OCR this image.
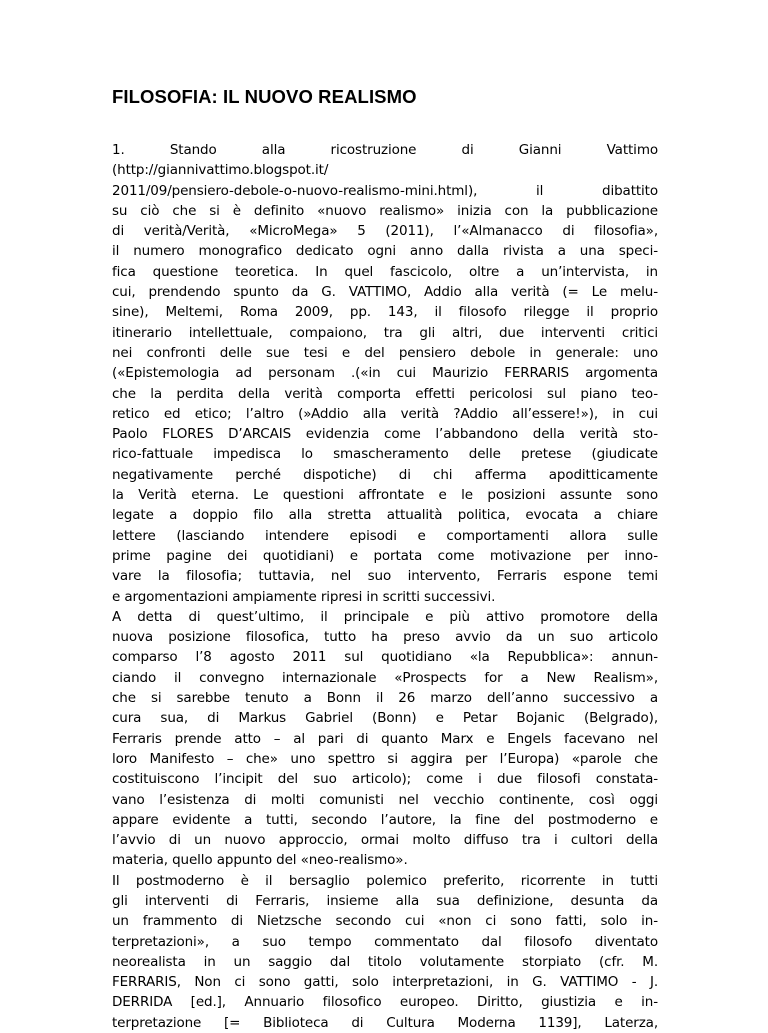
FILOSOFIA: IL NUOVO REALISMO
1. Stando alla ricostruzione di Gianni Vattimo
(http://giannivattimo.blogspot.it/
2011/09/pensiero-debole-o-nuovo-realismo-mini.html), il dibattito
su ciò che si è definito «nuovo realismo» inizia con la pubblicazione
di verità/Verità, «MicroMega» 5 (2011), l’«Almanacco di filosofia»,
il numero monografico dedicato ogni anno dalla rivista a una speci-
fica questione teoretica. In quel fascicolo, oltre a un’intervista, in
cui, prendendo spunto da G. VATTIMO, Addio alla verità (= Le melu-
sine), Meltemi, Roma 2009, pp. 143, il filosofo rilegge il proprio
itinerario intellettuale, compaiono, tra gli altri, due interventi critici
nei confronti delle sue tesi e del pensiero debole in generale: uno
(«Epistemologia ad personam .(«in cui Maurizio FERRARIS argomenta
che la perdita della verità comporta effetti pericolosi sul piano teo-
retico ed etico; l’altro (»Addio alla verità ?Addio all’essere!»), in cui
Paolo FLORES D’ARCAIS evidenzia come l’abbandono della verità sto-
rico-fattuale impedisca lo smascheramento delle pretese (giudicate
negativamente perché dispotiche) di chi afferma apoditticamente
la Verità eterna. Le questioni affrontate e le posizioni assunte sono
legate a doppio filo alla stretta attualità politica, evocata a chiare
lettere (lasciando intendere episodi e comportamenti allora sulle
prime pagine dei quotidiani) e portata come motivazione per inno-
vare la filosofia; tuttavia, nel suo intervento, Ferraris espone temi
e argomentazioni ampiamente ripresi in scritti successivi.
A detta di quest’ultimo, il principale e più attivo promotore della
nuova posizione filosofica, tutto ha preso avvio da un suo articolo
comparso l’8 agosto 2011 sul quotidiano «la Repubblica»: annun-
ciando il convegno internazionale «Prospects for a New Realism»,
che si sarebbe tenuto a Bonn il 26 marzo dell’anno successivo a
cura sua, di Markus Gabriel (Bonn) e Petar Bojanic (Belgrado),
Ferraris prende atto – al pari di quanto Marx e Engels facevano nel
loro Manifesto – che» uno spettro si aggira per l’Europa) «parole che
costituiscono l’incipit del suo articolo); come i due filosofi constata-
vano l’esistenza di molti comunisti nel vecchio continente, così oggi
appare evidente a tutti, secondo l’autore, la fine del postmoderno e
l’avvio di un nuovo approccio, ormai molto diffuso tra i cultori della
materia, quello appunto del «neo-realismo».
Il postmoderno è il bersaglio polemico preferito, ricorrente in tutti
gli interventi di Ferraris, insieme alla sua definizione, desunta da
un frammento di Nietzsche secondo cui «non ci sono fatti, solo in-
terpretazioni», a suo tempo commentato dal filosofo diventato
neorealista in un saggio dal titolo volutamente storpiato (cfr. M.
FERRARIS, Non ci sono gatti, solo interpretazioni, in G. VATTIMO - J.
DERRIDA [ed.], Annuario filosofico europeo. Diritto, giustizia e in-
terpretazione [= Biblioteca di Cultura Moderna 1139], Laterza,
